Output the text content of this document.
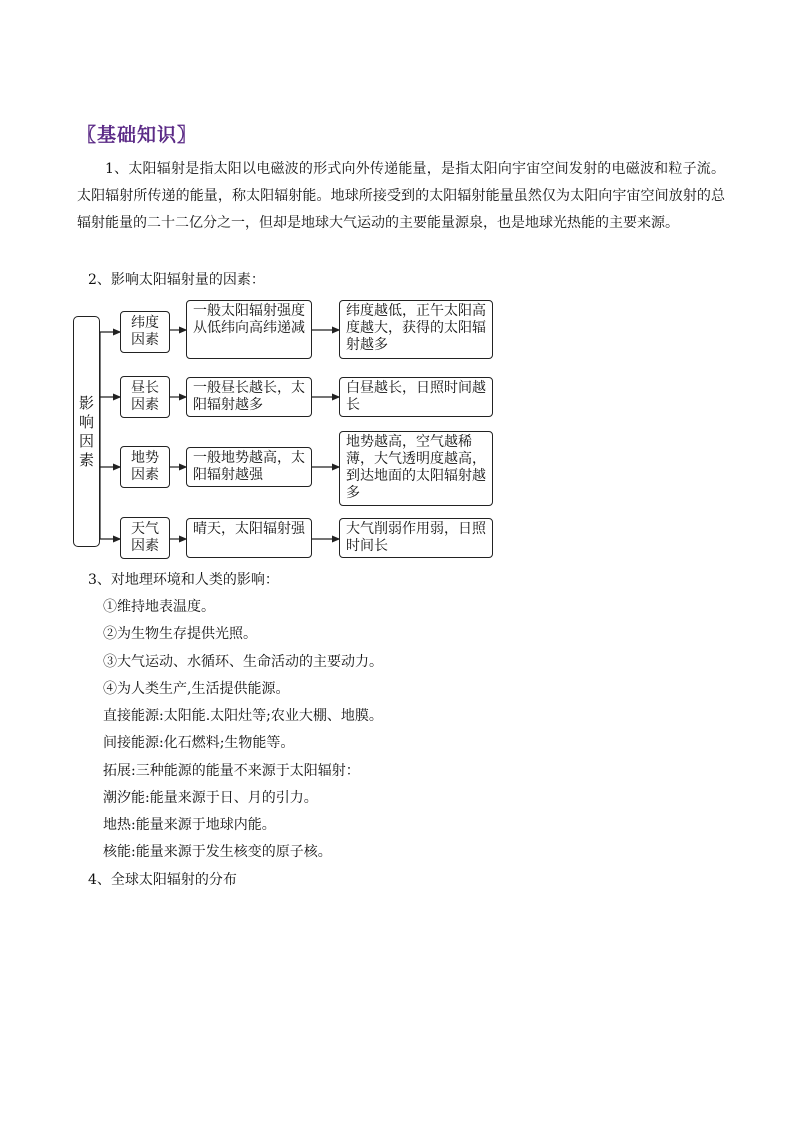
〖基础知识〗

1、太阳辐射是指太阳以电磁波的形式向外传递能量，是指太阳向宇宙空间发射的电磁波和粒子流。太阳辐射所传递的能量，称太阳辐射能。地球所接受到的太阳辐射能量虽然仅为太阳向宇宙空间放射的总辐射能量的二十二亿分之一，但却是地球大气运动的主要能量源泉，也是地球光热能的主要来源。

2、影响太阳辐射量的因素：
影响因素
纬度因素
一般太阳辐射强度从低纬向高纬递减
纬度越低，正午太阳高度越大，获得的太阳辐射越多
昼长因素
一般昼长越长，太阳辐射越多
白昼越长，日照时间越长
地势因素
一般地势越高，太阳辐射越强
地势越高，空气越稀薄，大气透明度越高，到达地面的太阳辐射越多
天气因素
晴天，太阳辐射强	大气削弱作用弱，日照时间长
3、对地理环境和人类的影响：
①维持地表温度。
②为生物生存提供光照。
③大气运动、水循环、生命活动的主要动力。
④为人类生产,生活提供能源。
直接能源:太阳能.太阳灶等;农业大棚、地膜。
间接能源:化石燃料;生物能等。
拓展:三种能源的能量不来源于太阳辐射：
潮汐能:能量来源于日、月的引力。
地热:能量来源于地球内能。
核能:能量来源于发生核变的原子核。
4、全球太阳辐射的分布
